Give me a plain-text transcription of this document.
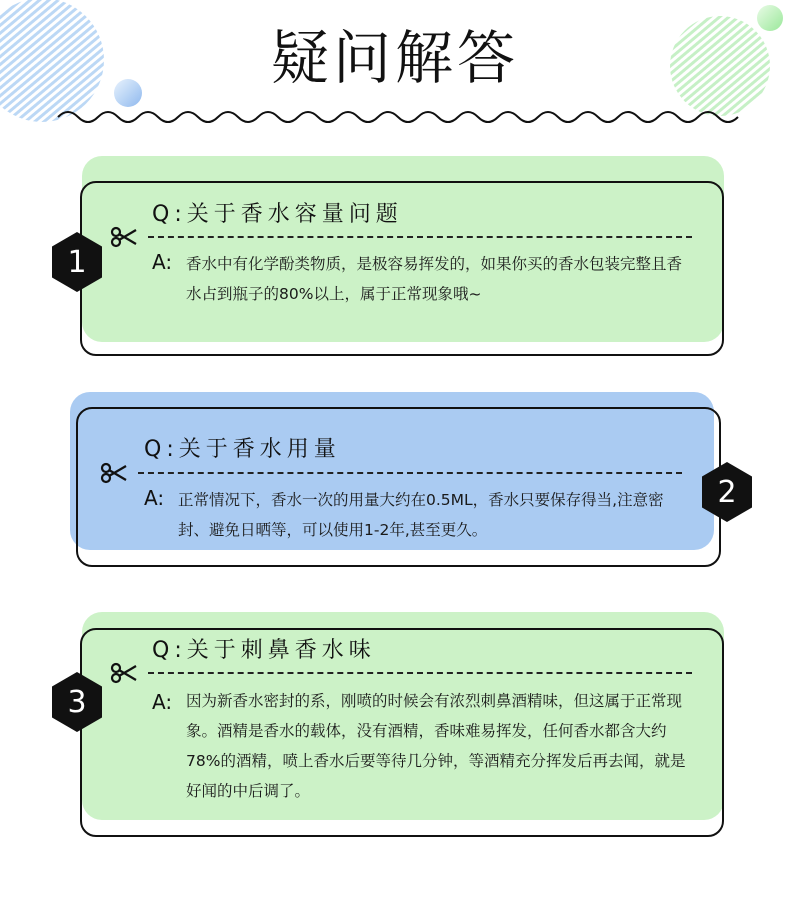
疑问解答
Q:关于香水容量问题
A: 香水中有化学酚类物质，是极容易挥发的，如果你买的香水包装完整且香水占到瓶子的80%以上，属于正常现象哦~
1
Q:关于香水用量
A: 正常情况下，香水一次的用量大约在0.5ML，香水只要保存得当,注意密封、避免日晒等，可以使用1-2年,甚至更久。
2
Q:关于刺鼻香水味
A: 因为新香水密封的系，刚喷的时候会有浓烈刺鼻酒精味，但这属于正常现象。酒精是香水的载体，没有酒精，香味难易挥发，任何香水都含大约78%的酒精，喷上香水后要等待几分钟，等酒精充分挥发后再去闻，就是好闻的中后调了。
3
